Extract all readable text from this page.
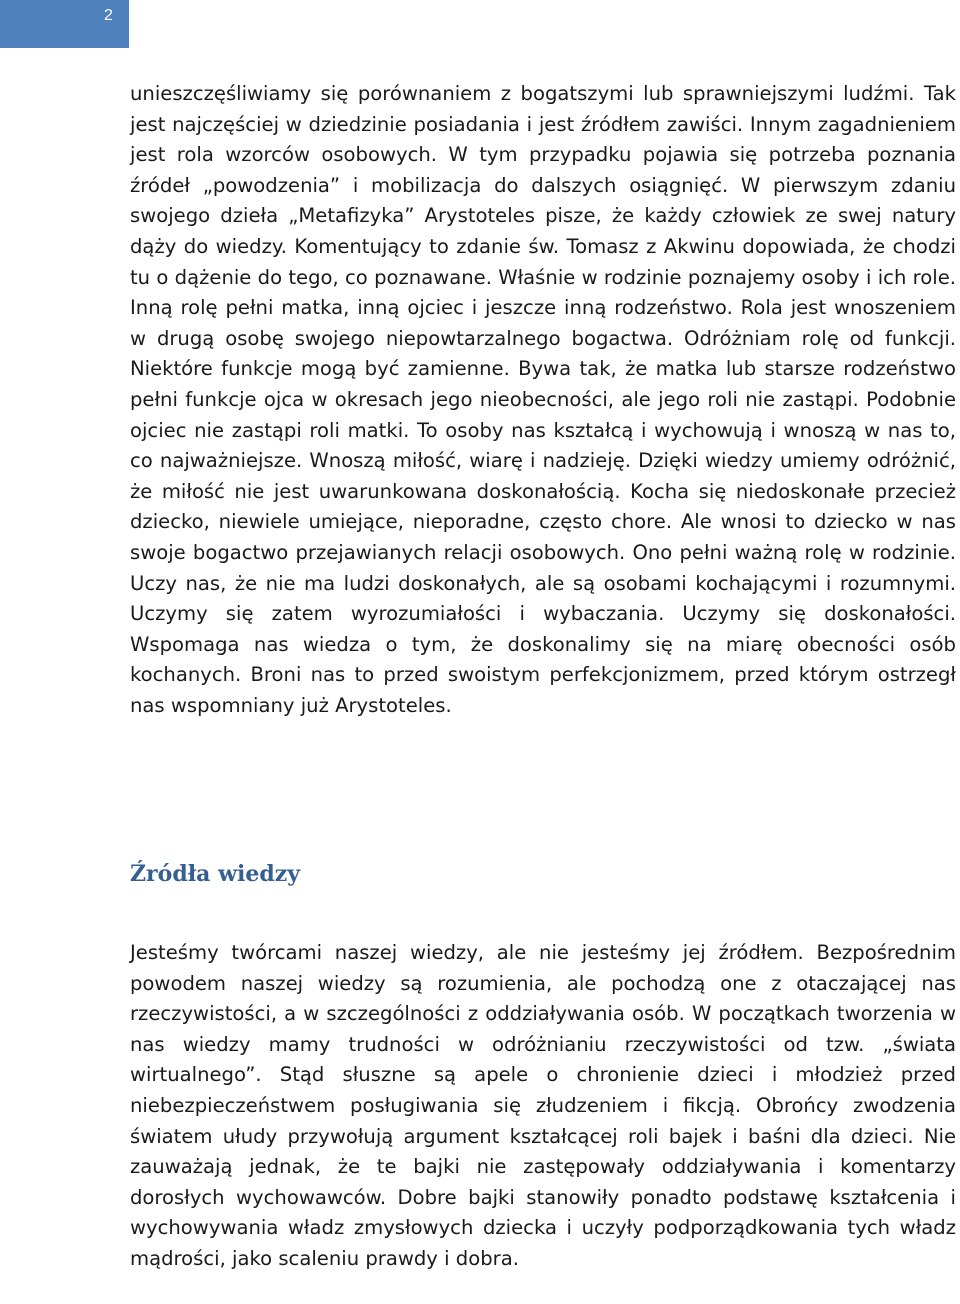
2

unieszczęśliwiamy się porównaniem z bogatszymi lub sprawniejszymi ludźmi. Tak jest najczęściej w dziedzinie posiadania i jest źródłem zawiści. Innym zagadnieniem jest rola wzorców osobowych. W tym przypadku pojawia się potrzeba poznania źródeł „powodzenia” i mobilizacja do dalszych osiągnięć. W pierwszym zdaniu swojego dzieła „Metafizyka” Arystoteles pisze, że każdy człowiek ze swej natury dąży do wiedzy. Komentujący to zdanie św. Tomasz z Akwinu dopowiada, że chodzi tu o dążenie do tego, co poznawane. Właśnie w rodzinie poznajemy osoby i ich role. Inną rolę pełni matka, inną ojciec i jeszcze inną rodzeństwo. Rola jest wnoszeniem w drugą osobę swojego niepowtarzalnego bogactwa. Odróżniam rolę od funkcji. Niektóre funkcje mogą być zamienne. Bywa tak, że matka lub starsze rodzeństwo pełni funkcje ojca w okresach jego nieobecności, ale jego roli nie zastąpi. Podobnie ojciec nie zastąpi roli matki. To osoby nas kształcą i wychowują i wnoszą w nas to, co najważniejsze. Wnoszą miłość, wiarę i nadzieję. Dzięki wiedzy umiemy odróżnić, że miłość nie jest uwarunkowana doskonałością. Kocha się niedoskonałe przecież dziecko, niewiele umiejące, nieporadne, często chore. Ale wnosi to dziecko w nas swoje bogactwo przejawianych relacji osobowych. Ono pełni ważną rolę w rodzinie. Uczy nas, że nie ma ludzi doskonałych, ale są osobami kochającymi i rozumnymi. Uczymy się zatem wyrozumiałości i wybaczania. Uczymy się doskonałości. Wspomaga nas wiedza o tym, że doskonalimy się na miarę obecności osób kochanych. Broni nas to przed swoistym perfekcjonizmem, przed którym ostrzegł nas wspomniany już Arystoteles.

Źródła wiedzy

Jesteśmy twórcami naszej wiedzy, ale nie jesteśmy jej źródłem. Bezpośrednim powodem naszej wiedzy są rozumienia, ale pochodzą one z otaczającej nas rzeczywistości, a w szczególności z oddziaływania osób. W początkach tworzenia w nas wiedzy mamy trudności w odróżnianiu rzeczywistości od tzw. „świata wirtualnego”. Stąd słuszne są apele o chronienie dzieci i młodzież przed niebezpieczeństwem posługiwania się złudzeniem i fikcją. Obrońcy zwodzenia światem ułudy przywołują argument kształcącej roli bajek i baśni dla dzieci. Nie zauważają jednak, że te bajki nie zastępowały oddziaływania i komentarzy dorosłych wychowawców. Dobre bajki stanowiły ponadto podstawę kształcenia i wychowywania władz zmysłowych dziecka i uczyły podporządkowania tych władz mądrości, jako scaleniu prawdy i dobra.
